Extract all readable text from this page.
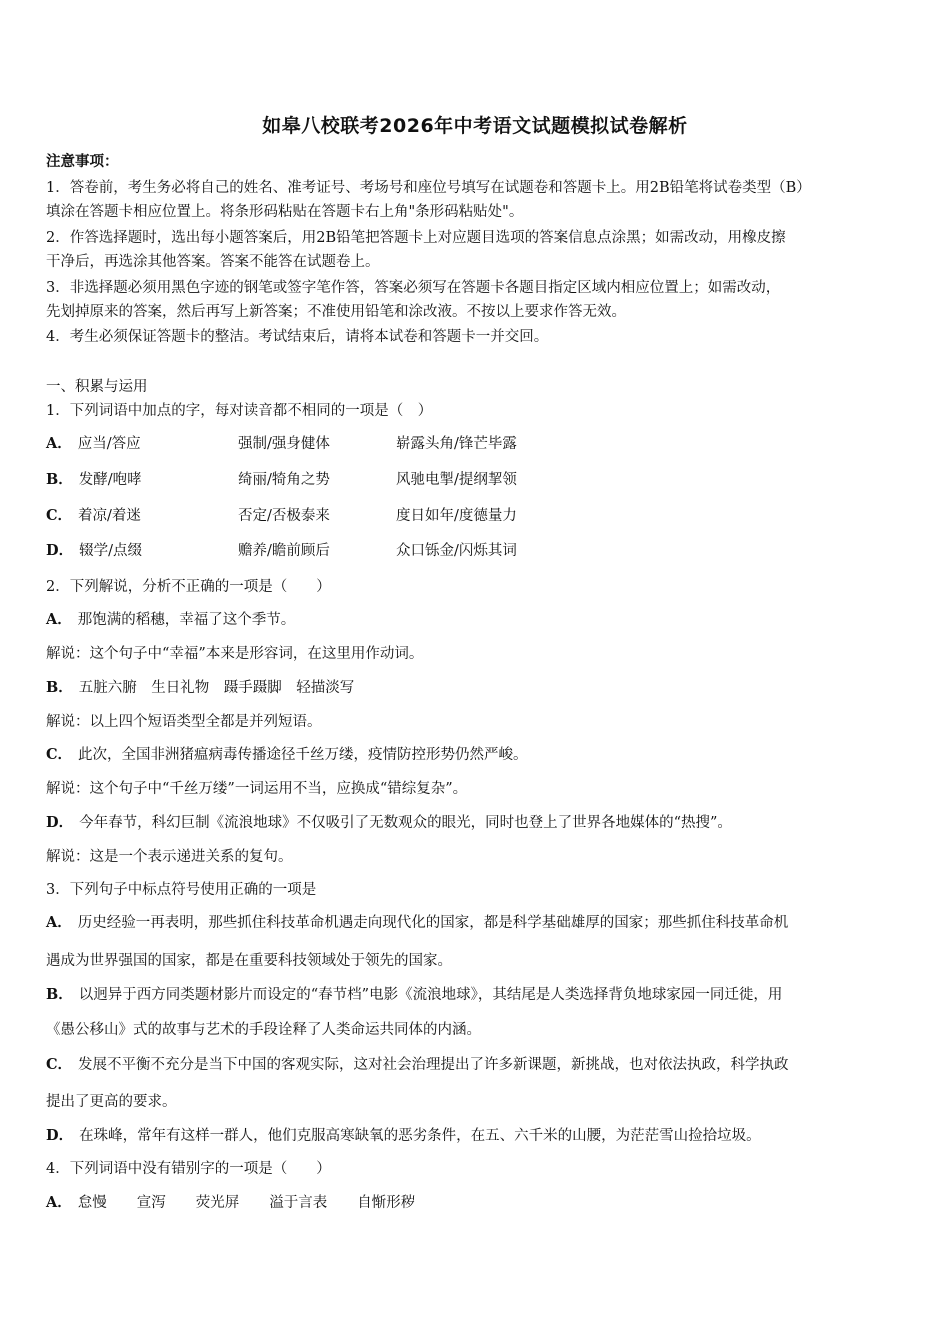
如皋八校联考2026年中考语文试题模拟试卷解析
注意事项：
1．答卷前，考生务必将自己的姓名、准考证号、考场号和座位号填写在试题卷和答题卡上。用2B铅笔将试卷类型（B）
填涂在答题卡相应位置上。将条形码粘贴在答题卡右上角"条形码粘贴处"。
2．作答选择题时，选出每小题答案后，用2B铅笔把答题卡上对应题目选项的答案信息点涂黑；如需改动，用橡皮擦
干净后，再选涂其他答案。答案不能答在试题卷上。
3．非选择题必须用黑色字迹的钢笔或签字笔作答，答案必须写在答题卡各题目指定区域内相应位置上；如需改动，
先划掉原来的答案，然后再写上新答案；不准使用铅笔和涂改液。不按以上要求作答无效。
4．考生必须保证答题卡的整洁。考试结束后，请将本试卷和答题卡一并交回。
一、积累与运用
1．下列词语中加点的字，每对读音都不相同的一项是（　）
A． 应当/答应	强制/强身健体	崭露头角/锋芒毕露
B． 发酵/咆哮	绮丽/犄角之势	风驰电掣/提纲挈领
C． 着凉/着迷	否定/否极泰来	度日如年/度德量力
D． 辍学/点缀	赡养/瞻前顾后	众口铄金/闪烁其词
2．下列解说，分析不正确的一项是（　　）
A． 那饱满的稻穗，幸福了这个季节。
解说：这个句子中“幸福”本来是形容词，在这里用作动词。
B． 五脏六腑　生日礼物　蹑手蹑脚　轻描淡写
解说：以上四个短语类型全都是并列短语。
C． 此次，全国非洲猪瘟病毒传播途径千丝万缕，疫情防控形势仍然严峻。
解说：这个句子中“千丝万缕”一词运用不当，应换成“错综复杂”。
D． 今年春节，科幻巨制《流浪地球》不仅吸引了无数观众的眼光，同时也登上了世界各地媒体的“热搜”。
解说：这是一个表示递进关系的复句。
3．下列句子中标点符号使用正确的一项是
A． 历史经验一再表明，那些抓住科技革命机遇走向现代化的国家，都是科学基础雄厚的国家；那些抓住科技革命机
遇成为世界强国的国家，都是在重要科技领域处于领先的国家。
B． 以迥异于西方同类题材影片而设定的“春节档”电影《流浪地球》，其结尾是人类选择背负地球家园一同迁徙，用
《愚公移山》式的故事与艺术的手段诠释了人类命运共同体的内涵。
C． 发展不平衡不充分是当下中国的客观实际，这对社会治理提出了许多新课题，新挑战，也对依法执政，科学执政
提出了更高的要求。
D． 在珠峰，常年有这样一群人，他们克服高寒缺氧的恶劣条件，在五、六千米的山腰，为茫茫雪山捡拾垃圾。
4．下列词语中没有错别字的一项是（　　）
A． 怠慢 宣泻 荧光屏 溢于言表 自惭形秽
